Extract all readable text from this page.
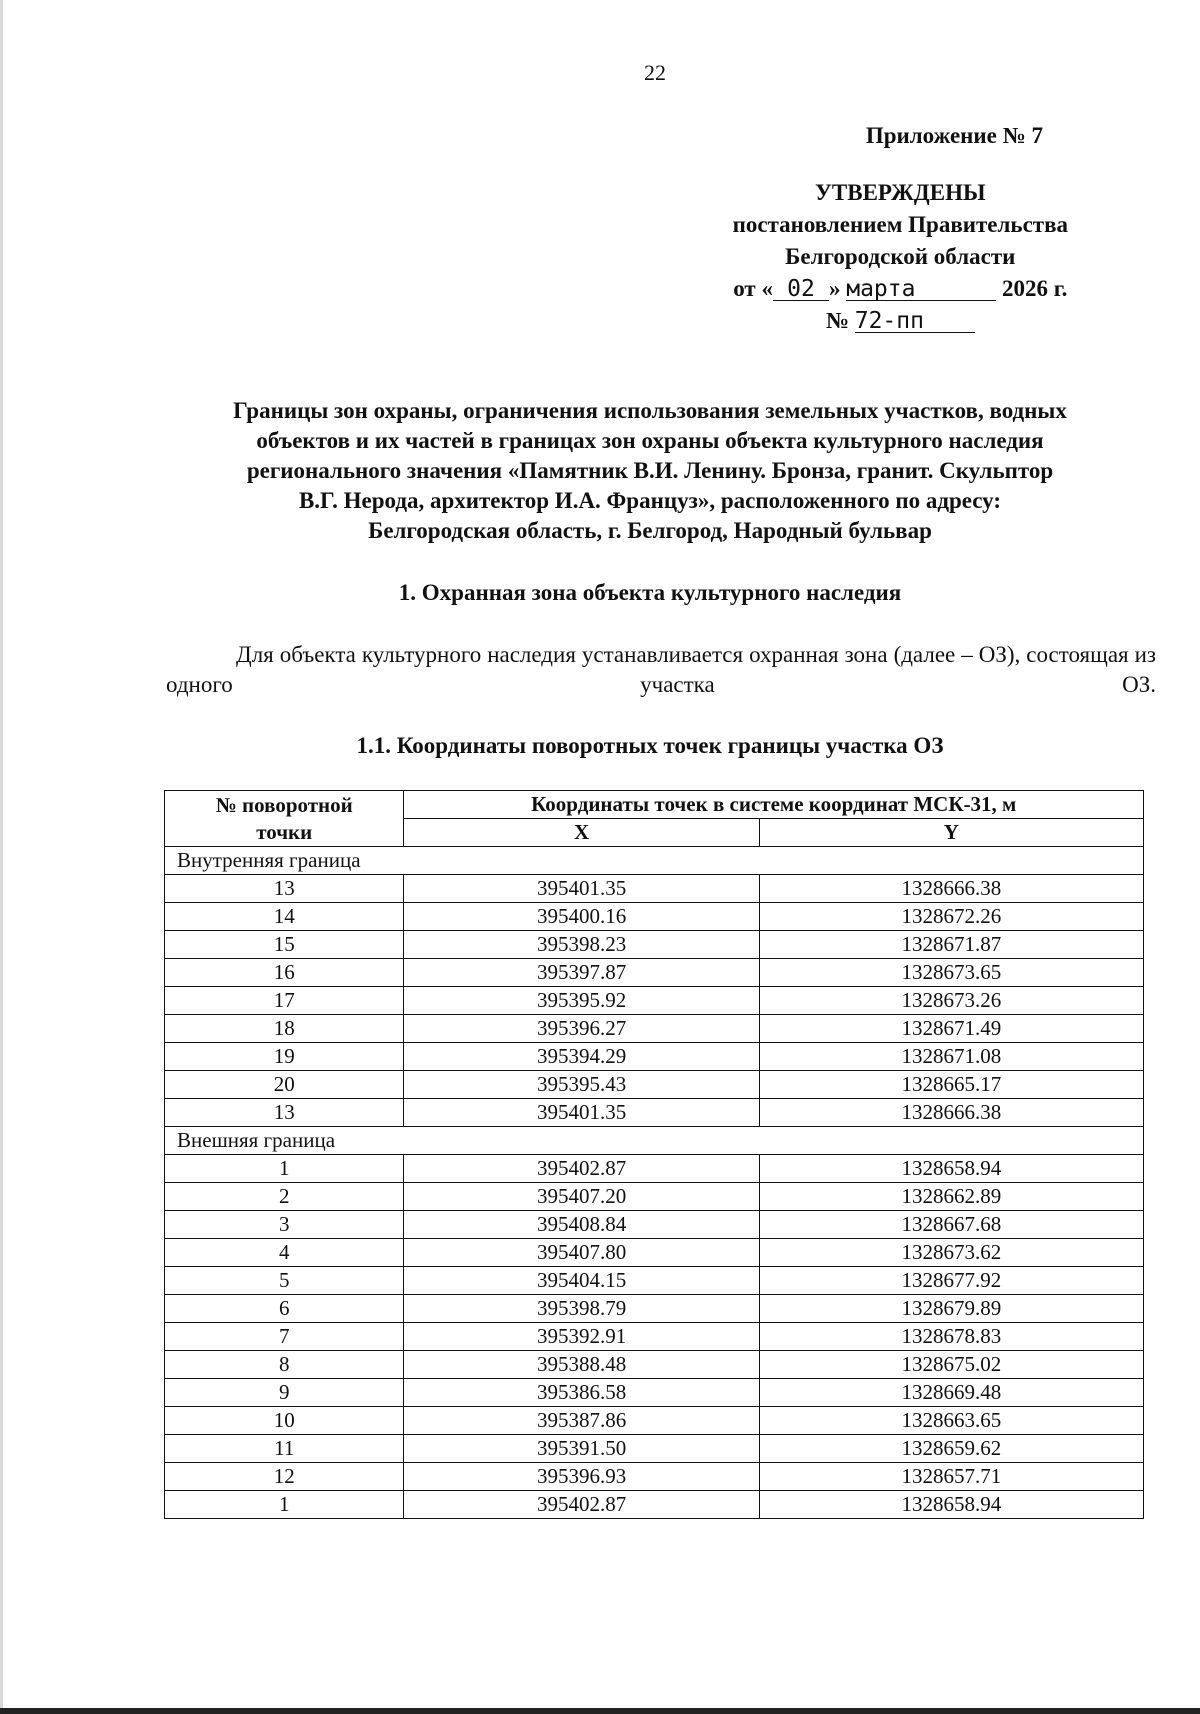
22
Приложение № 7
УТВЕРЖДЕНЫ
постановлением Правительства
Белгородской области
от « 02 » марта	2026 г.
№ 72-пп
Границы зон охраны, ограничения использования земельных участков, водных
объектов и их частей в границах зон охраны объекта культурного наследия
регионального значения «Памятник В.И. Ленину. Бронза, гранит. Скульптор
В.Г. Нерода, архитектор И.А. Француз», расположенного по адресу:
Белгородская область, г. Белгород, Народный бульвар
1. Охранная зона объекта культурного наследия
Для объекта культурного наследия устанавливается охранная зона (далее – ОЗ), состоящая из одного участка ОЗ.
1.1. Координаты поворотных точек границы участка ОЗ
№ поворотной точки	Координаты точек в системе координат МСК-31, м	
	X	Y
Внутренняя граница		
13	395401.35	1328666.38
14	395400.16	1328672.26
15	395398.23	1328671.87
16	395397.87	1328673.65
17	395395.92	1328673.26
18	395396.27	1328671.49
19	395394.29	1328671.08
20	395395.43	1328665.17
13	395401.35	1328666.38
Внешняя граница		
1	395402.87	1328658.94
2	395407.20	1328662.89
3	395408.84	1328667.68
4	395407.80	1328673.62
5	395404.15	1328677.92
6	395398.79	1328679.89
7	395392.91	1328678.83
8	395388.48	1328675.02
9	395386.58	1328669.48
10	395387.86	1328663.65
11	395391.50	1328659.62
12	395396.93	1328657.71
1	395402.87	1328658.94
